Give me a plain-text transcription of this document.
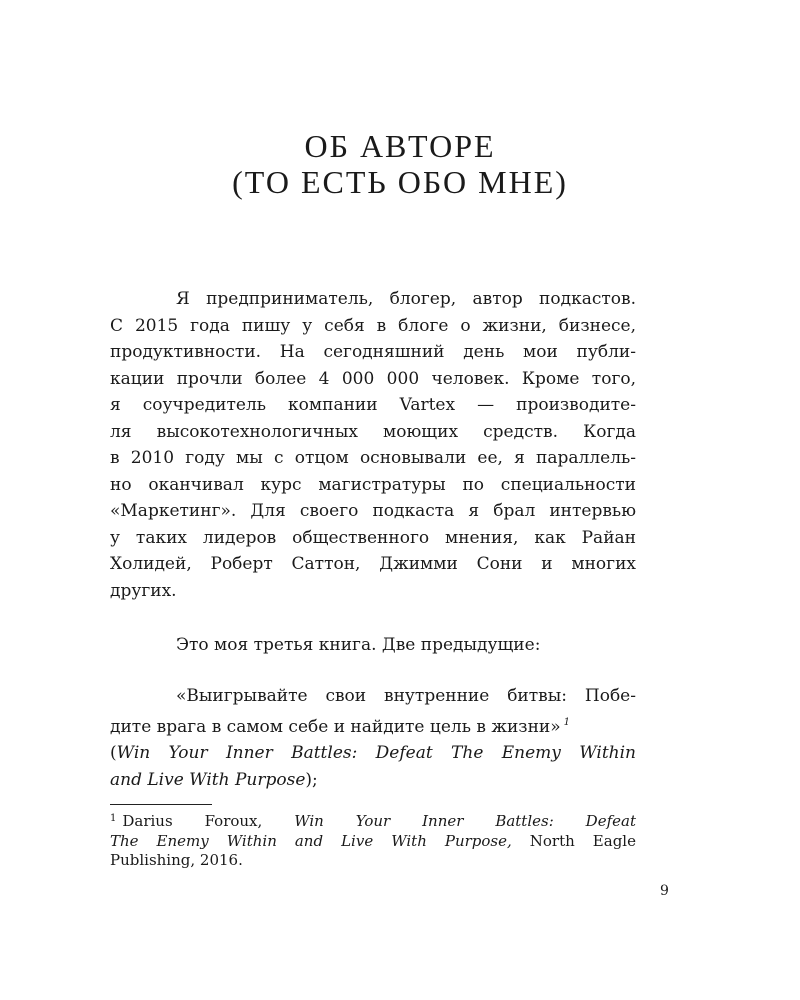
ОБ АВТОРЕ
(ТО ЕСТЬ ОБО МНЕ)
Я предприниматель, блогер, автор подкастов.
С 2015 года пишу у себя в блоге о жизни, бизнесе,
продуктивности. На сегодняшний день мои публи-
кации прочли более 4 000 000 человек. Кроме того,
я соучредитель компании Vartex — производите-
ля высокотехнологичных моющих средств. Когда
в 2010 году мы с отцом основывали ее, я параллель-
но оканчивал курс магистратуры по специальности
«Маркетинг». Для своего подкаста я брал интервью
у таких лидеров общественного мнения, как Райан
Холидей, Роберт Саттон, Джимми Сони и многих
других.
Это моя третья книга. Две предыдущие:
«Выигрывайте свои внутренние битвы: Побе-
дите врага в самом себе и найдите цель в жизни» $^1$
(Win Your Inner Battles: Defeat The Enemy Within
and Live With Purpose);
$^1$ Darius Foroux, Win Your Inner Battles: Defeat
The Enemy Within and Live With Purpose, North Eagle
Publishing, 2016.
9
